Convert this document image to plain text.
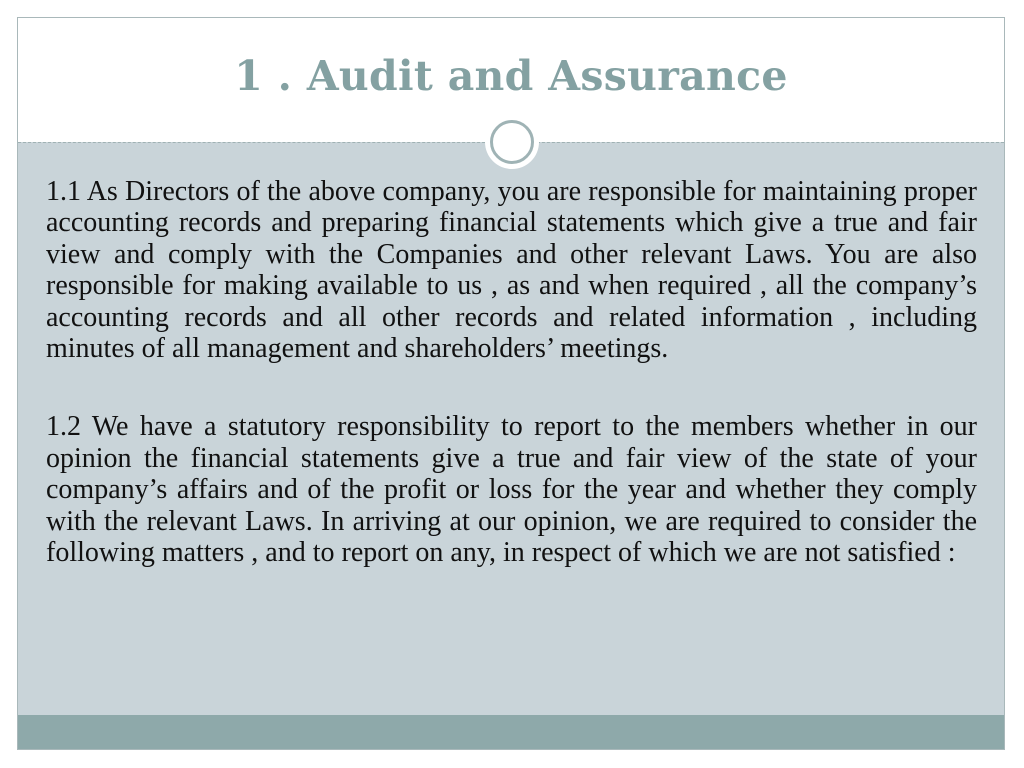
1 . Audit and Assurance

1.1 As Directors of the above company, you are responsible for maintaining proper accounting records and preparing financial statements which give a true and fair view and comply with the Companies and other relevant Laws. You are also responsible for making available to us , as and when required , all the company’s accounting records and all other records and related information , including minutes of all management and shareholders’ meetings.

1.2 We have a statutory responsibility to report to the members whether in our opinion the financial statements give a true and fair view of the state of your company’s affairs and of the profit or loss for the year and whether they comply with the relevant Laws. In arriving at our opinion, we are required to consider the following matters , and to report on any, in respect of which we are not satisfied :
